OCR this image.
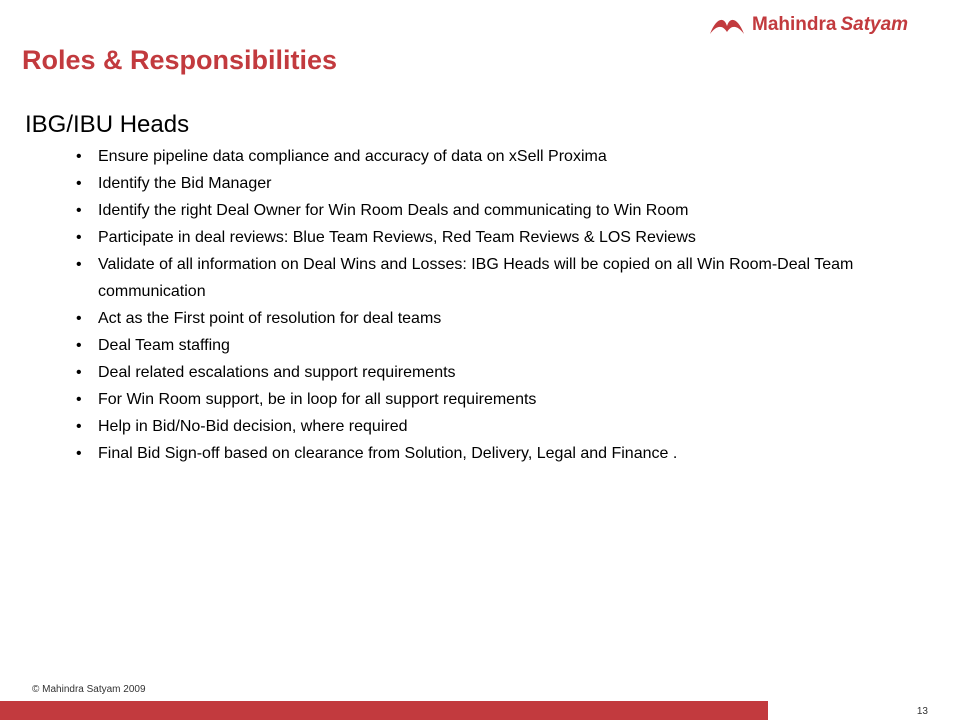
Mahindra Satyam
Roles & Responsibilities
IBG/IBU Heads
• Ensure pipeline data compliance and accuracy of data on xSell Proxima
• Identify the Bid Manager
• Identify the right Deal Owner for Win Room Deals and communicating to Win Room
• Participate in deal reviews: Blue Team Reviews, Red Team Reviews & LOS Reviews
• Validate of all information on Deal Wins and Losses: IBG Heads will be copied on all Win Room-Deal Team communication
• Act as the First point of resolution for deal teams
• Deal Team staffing
• Deal related escalations and support requirements
• For Win Room support, be in loop for all support requirements
• Help in Bid/No-Bid decision, where required
• Final Bid Sign-off based on clearance from Solution, Delivery, Legal and Finance .
© Mahindra Satyam 2009
13
